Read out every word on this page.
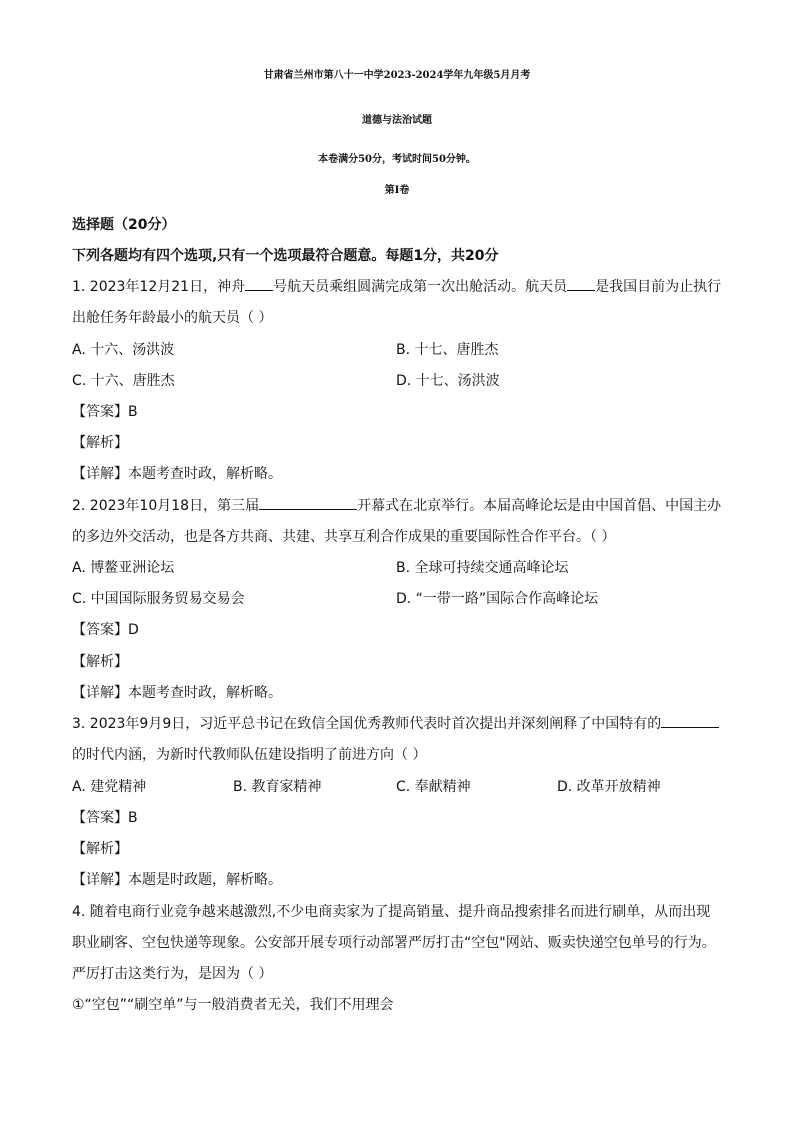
甘肃省兰州市第八十一中学2023-2024学年九年级5月月考
道德与法治试题
本卷满分50分，考试时间50分钟。
第I卷
选择题（20分）
下列各题均有四个选项,只有一个选项最符合题意。每题1分，共20分
1. 2023年12月21日，神舟 号航天员乘组圆满完成第一次出舱活动。航天员 是我国目前为止执行
出舱任务年龄最小的航天员（ ）
A. 十六、汤洪波	B. 十七、唐胜杰
C. 十六、唐胜杰	D. 十七、汤洪波
【答案】B
【解析】
【详解】本题考查时政，解析略。
2. 2023年10月18日，第三届	开幕式在北京举行。本届高峰论坛是由中国首倡、中国主办
的多边外交活动，也是各方共商、共建、共享互利合作成果的重要国际性合作平台。（ ）
A. 博鳌亚洲论坛	B. 全球可持续交通高峰论坛
C. 中国国际服务贸易交易会	D. “一带一路”国际合作高峰论坛
【答案】D
【解析】
【详解】本题考查时政，解析略。
3. 2023年9月9日，习近平总书记在致信全国优秀教师代表时首次提出并深刻阐释了中国特有的
的时代内涵，为新时代教师队伍建设指明了前进方向（ ）
A. 建党精神	B. 教育家精神	C. 奉献精神	D. 改革开放精神
【答案】B
【解析】
【详解】本题是时政题，解析略。
4. 随着电商行业竞争越来越激烈,不少电商卖家为了提高销量、提升商品搜索排名而进行刷单，从而出现
职业刷客、空包快递等现象。公安部开展专项行动部署严厉打击“空包"网站、贩卖快递空包单号的行为。
严厉打击这类行为，是因为（ ）
①“空包”“刷空单”与一般消费者无关，我们不用理会
